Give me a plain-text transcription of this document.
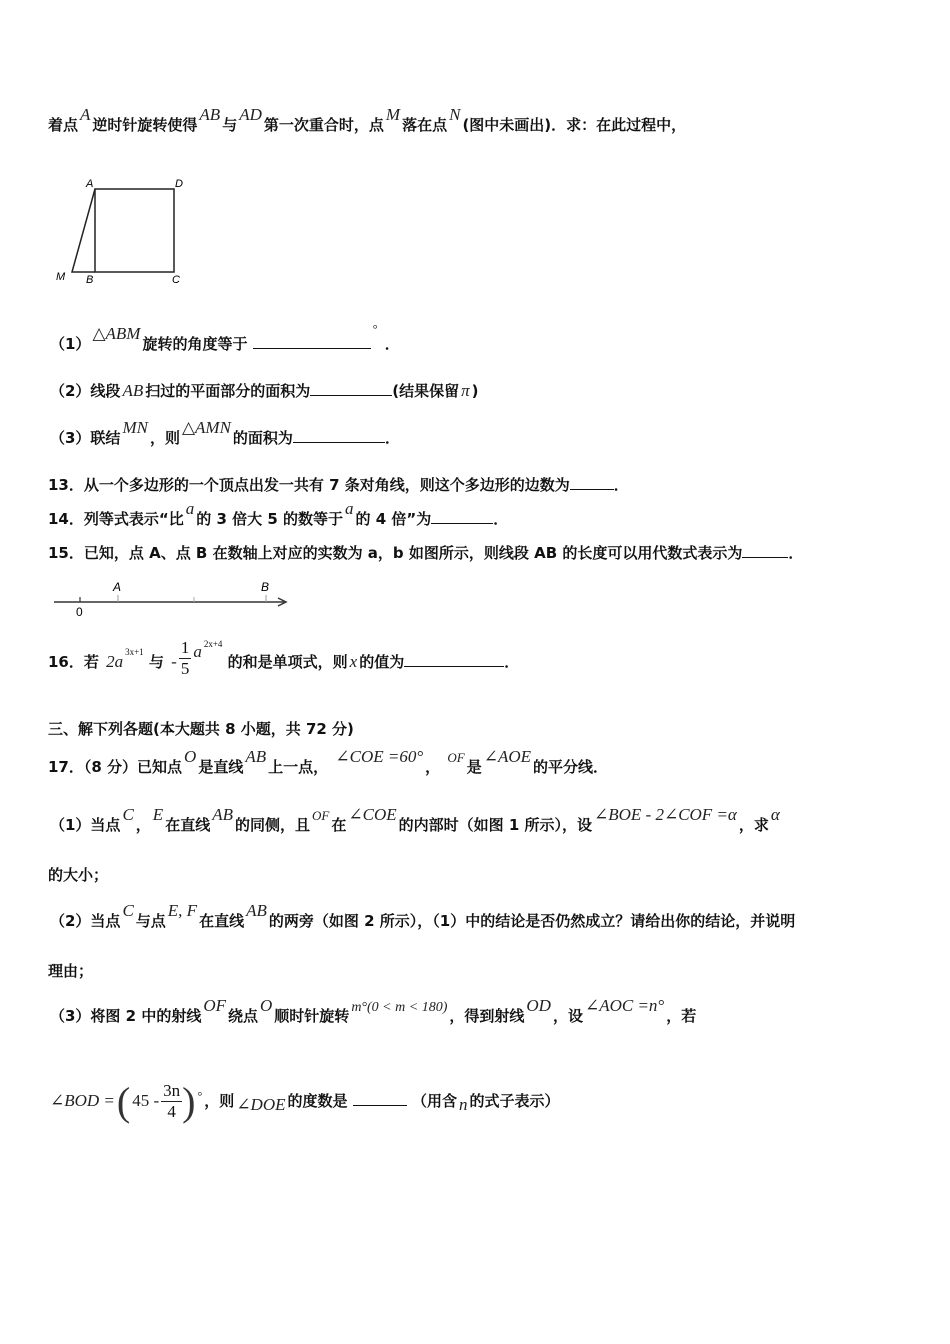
着点A逆时针旋转使得AB与AD第一次重合时，点M落在点N(图中未画出)．求：在此过程中，
A	D
M B	C
（1）△ABM旋转的角度等于 ° ．
（2）线段 AB 扫过的平面部分的面积为	(结果保留 π )
（3）联结MN，则△AMN的面积为	．
13．从一个多边形的一个顶点出发一共有 7 条对角线，则这个多边形的边数为	．
14．列等式表示“比a的 3 倍大 5 的数等于a的 4 倍”为	．
15．已知，点 A、点 B 在数轴上对应的实数为 a，b 如图所示，则线段 AB 的长度可以用代数式表示为	．
0
A	B
16．若 2a $^{3x+1}$ 与 - $\frac{1}{5}$ a $^{2x+4}$ 的和是单项式，则 x 的值为	．
三、解下列各题(本大题共 8 小题，共 72 分)
17．（8 分）已知点O是直线AB上一点， ∠COE =60°， OF是∠AOE的平分线．
（1）当点C，E在直线AB的同侧，且OF在∠COE的内部时（如图 1 所示），设∠BOE - 2∠COF =α，求α
的大小；
（2）当点C与点E, F在直线AB的两旁（如图 2 所示），（1）中的结论是否仍然成立？请给出你的结论，并说明
理由；
（3）将图 2 中的射线OF绕点O顺时针旋转 m°(0 < m < 180) ，得到射线OD，设∠AOC =n°，若
∠BOD =( $45 - \frac{3n}{4}$ ) ° ，则 ∠DOE 的度数是	（用含 n 的式子表示）
